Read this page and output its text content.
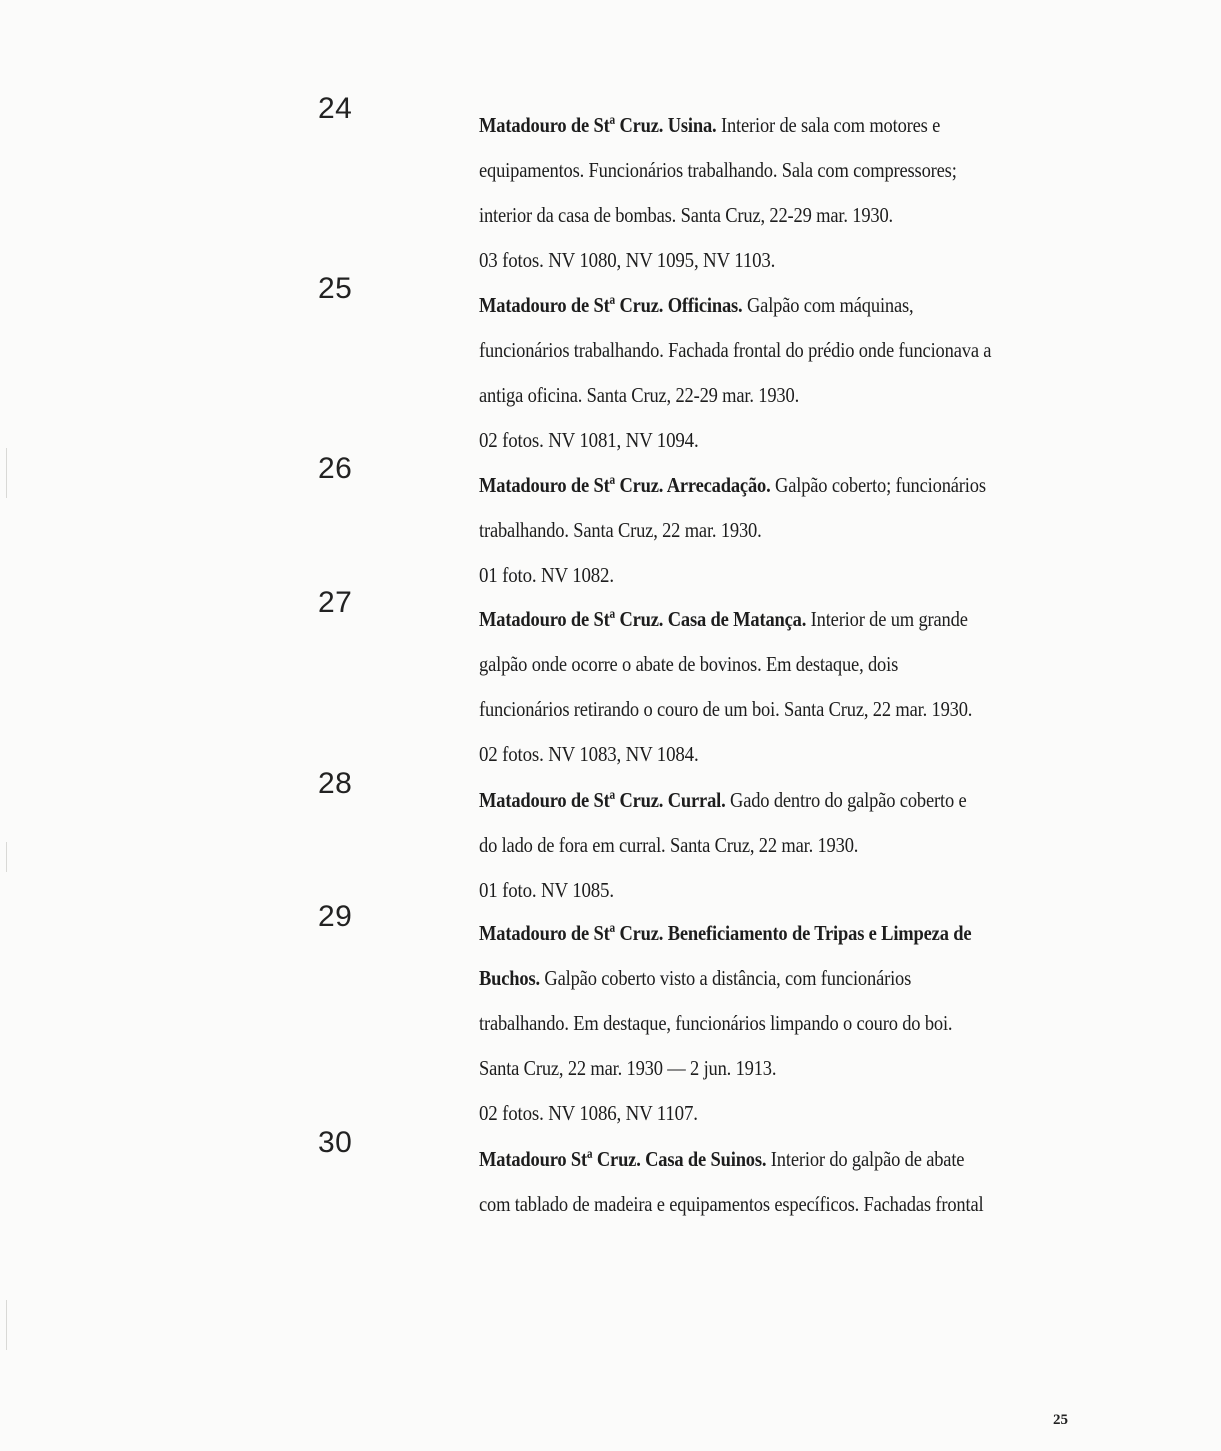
24	Matadouro de Stª Cruz. Usina. Interior de sala com motores e
equipamentos. Funcionários trabalhando. Sala com compressores;
interior da casa de bombas. Santa Cruz, 22-29 mar. 1930.
03 fotos. NV 1080, NV 1095, NV 1103.
25	Matadouro de Stª Cruz. Officinas. Galpão com máquinas,
funcionários trabalhando. Fachada frontal do prédio onde funcionava a
antiga oficina. Santa Cruz, 22-29 mar. 1930.
02 fotos. NV 1081, NV 1094.
26	Matadouro de Stª Cruz. Arrecadação. Galpão coberto; funcionários
trabalhando. Santa Cruz, 22 mar. 1930.
01 foto. NV 1082.
27	Matadouro de Stª Cruz. Casa de Matança. Interior de um grande
galpão onde ocorre o abate de bovinos. Em destaque, dois
funcionários retirando o couro de um boi. Santa Cruz, 22 mar. 1930.
02 fotos. NV 1083, NV 1084.
28	Matadouro de Stª Cruz. Curral. Gado dentro do galpão coberto e
do lado de fora em curral. Santa Cruz, 22 mar. 1930.
01 foto. NV 1085.
29	Matadouro de Stª Cruz. Beneficiamento de Tripas e Limpeza de
Buchos. Galpão coberto visto a distância, com funcionários
trabalhando. Em destaque, funcionários limpando o couro do boi.
Santa Cruz, 22 mar. 1930 — 2 jun. 1913.
02 fotos. NV 1086, NV 1107.
30	Matadouro Stª Cruz. Casa de Suinos. Interior do galpão de abate
com tablado de madeira e equipamentos específicos. Fachadas frontal
25
